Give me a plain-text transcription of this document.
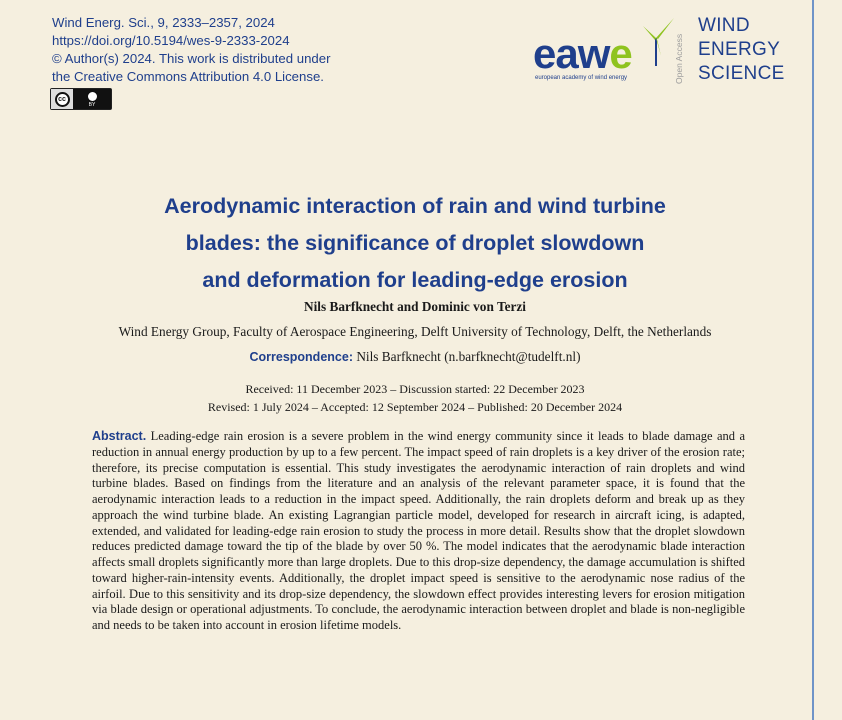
Wind Energ. Sci., 9, 2333–2357, 2024
https://doi.org/10.5194/wes-9-2333-2024
© Author(s) 2024. This work is distributed under
the Creative Commons Attribution 4.0 License.
cc
BY
eawe
european academy of wind energy	Open Access
WIND
ENERGY
SCIENCE
Aerodynamic interaction of rain and wind turbine
blades: the significance of droplet slowdown
and deformation for leading-edge erosion
Nils Barfknecht and Dominic von Terzi
Wind Energy Group, Faculty of Aerospace Engineering, Delft University of Technology, Delft, the Netherlands
Correspondence: Nils Barfknecht (n.barfknecht@tudelft.nl)
Received: 11 December 2023 – Discussion started: 22 December 2023
Revised: 1 July 2024 – Accepted: 12 September 2024 – Published: 20 December 2024
Abstract. Leading-edge rain erosion is a severe problem in the wind energy community since it leads to blade damage and a reduction in annual energy production by up to a few percent. The impact speed of rain droplets is a key driver of the erosion rate; therefore, its precise computation is essential. This study investigates the aerodynamic interaction of rain droplets and wind turbine blades. Based on findings from the literature and an analysis of the relevant parameter space, it is found that the aerodynamic interaction leads to a reduction in the impact speed. Additionally, the rain droplets deform and break up as they approach the wind turbine blade. An existing Lagrangian particle model, developed for research in aircraft icing, is adapted, extended, and validated for leading-edge rain erosion to study the process in more detail. Results show that the droplet slowdown reduces predicted damage toward the tip of the blade by over 50 %. The model indicates that the aerodynamic blade interaction affects small droplets significantly more than large droplets. Due to this drop-size dependency, the damage accumulation is shifted toward higher-rain-intensity events. Additionally, the droplet impact speed is sensitive to the aerodynamic nose radius of the airfoil. Due to this sensitivity and its drop-size dependency, the slowdown effect provides interesting levers for erosion mitigation via blade design or operational adjustments. To conclude, the aerodynamic interaction between droplet and blade is non-negligible and needs to be taken into account in erosion lifetime models.
